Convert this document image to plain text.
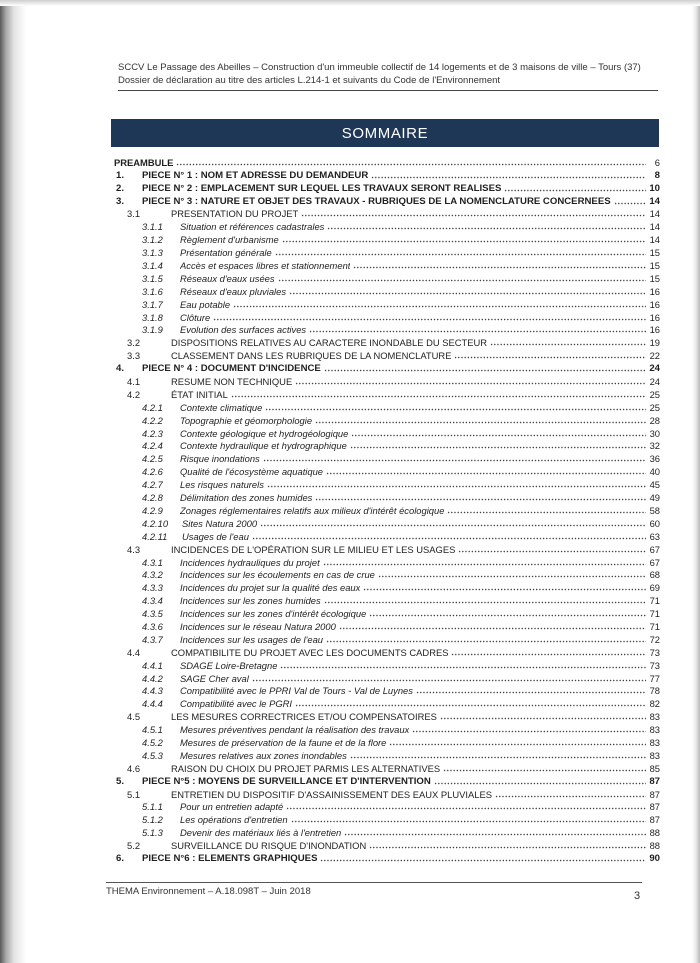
SCCV Le Passage des Abeilles – Construction d'un immeuble collectif de 14 logements et de 3 maisons de ville – Tours (37)
Dossier de déclaration au titre des articles L.214-1 et suivants du Code de l'Environnement
SOMMAIRE
PREAMBULE	6
1.	PIECE N° 1 : NOM ET ADRESSE DU DEMANDEUR	8
2.	PIECE N° 2 : EMPLACEMENT SUR LEQUEL LES TRAVAUX SERONT REALISES	10
3.	PIECE N° 3 : NATURE ET OBJET DES TRAVAUX - RUBRIQUES DE LA NOMENCLATURE CONCERNEES	14
3.1	PRESENTATION DU PROJET	14
3.1.1	Situation et références cadastrales	14
3.1.2	Règlement d'urbanisme	14
3.1.3	Présentation générale	15
3.1.4	Accès et espaces libres et stationnement	15
3.1.5	Réseaux d'eaux usées	15
3.1.6	Réseaux d'eaux pluviales	16
3.1.7	Eau potable	16
3.1.8	Clôture	16
3.1.9	Evolution des surfaces actives	16
3.2	DISPOSITIONS RELATIVES AU CARACTERE INONDABLE DU SECTEUR	19
3.3	CLASSEMENT DANS LES RUBRIQUES DE LA NOMENCLATURE	22
4.	PIECE N° 4 : DOCUMENT D'INCIDENCE	24
4.1	RESUME NON TECHNIQUE	24
4.2	ÉTAT INITIAL	25
4.2.1	Contexte climatique	25
4.2.2	Topographie et géomorphologie	28
4.2.3	Contexte géologique et hydrogéologique	30
4.2.4	Contexte hydraulique et hydrographique	32
4.2.5	Risque inondations	36
4.2.6	Qualité de l'écosystème aquatique	40
4.2.7	Les risques naturels	45
4.2.8	Délimitation des zones humides	49
4.2.9	Zonages réglementaires relatifs aux milieux d'intérêt écologique	58
4.2.10	Sites Natura 2000	60
4.2.11	Usages de l'eau	63
4.3	INCIDENCES DE L'OPÉRATION SUR LE MILIEU ET LES USAGES	67
4.3.1	Incidences hydrauliques du projet	67
4.3.2	Incidences sur les écoulements en cas de crue	68
4.3.3	Incidences du projet sur la qualité des eaux	69
4.3.4	Incidences sur les zones humides	71
4.3.5	Incidences sur les zones d'intérêt écologique	71
4.3.6	Incidences sur le réseau Natura 2000	71
4.3.7	Incidences sur les usages de l'eau	72
4.4	COMPATIBILITE DU PROJET AVEC LES DOCUMENTS CADRES	73
4.4.1	SDAGE Loire-Bretagne	73
4.4.2	SAGE Cher aval	77
4.4.3	Compatibilité avec le PPRI Val de Tours - Val de Luynes	78
4.4.4	Compatibilité avec le PGRI	82
4.5	LES MESURES CORRECTRICES ET/OU COMPENSATOIRES	83
4.5.1	Mesures préventives pendant la réalisation des travaux	83
4.5.2	Mesures de préservation de la faune et de la flore	83
4.5.3	Mesures relatives aux zones inondables	83
4.6	RAISON DU CHOIX DU PROJET PARMIS LES ALTERNATIVES	85
5.	PIECE N°5 : MOYENS DE SURVEILLANCE ET D'INTERVENTION	87
5.1	ENTRETIEN DU DISPOSITIF D'ASSAINISSEMENT DES EAUX PLUVIALES	87
5.1.1	Pour un entretien adapté	87
5.1.2	Les opérations d'entretien	87
5.1.3	Devenir des matériaux liés à l'entretien	88
5.2	SURVEILLANCE DU RISQUE D'INONDATION	88
6.	PIECE N°6 : ELEMENTS GRAPHIQUES	90
THEMA Environnement – A.18.098T – Juin 2018	3
